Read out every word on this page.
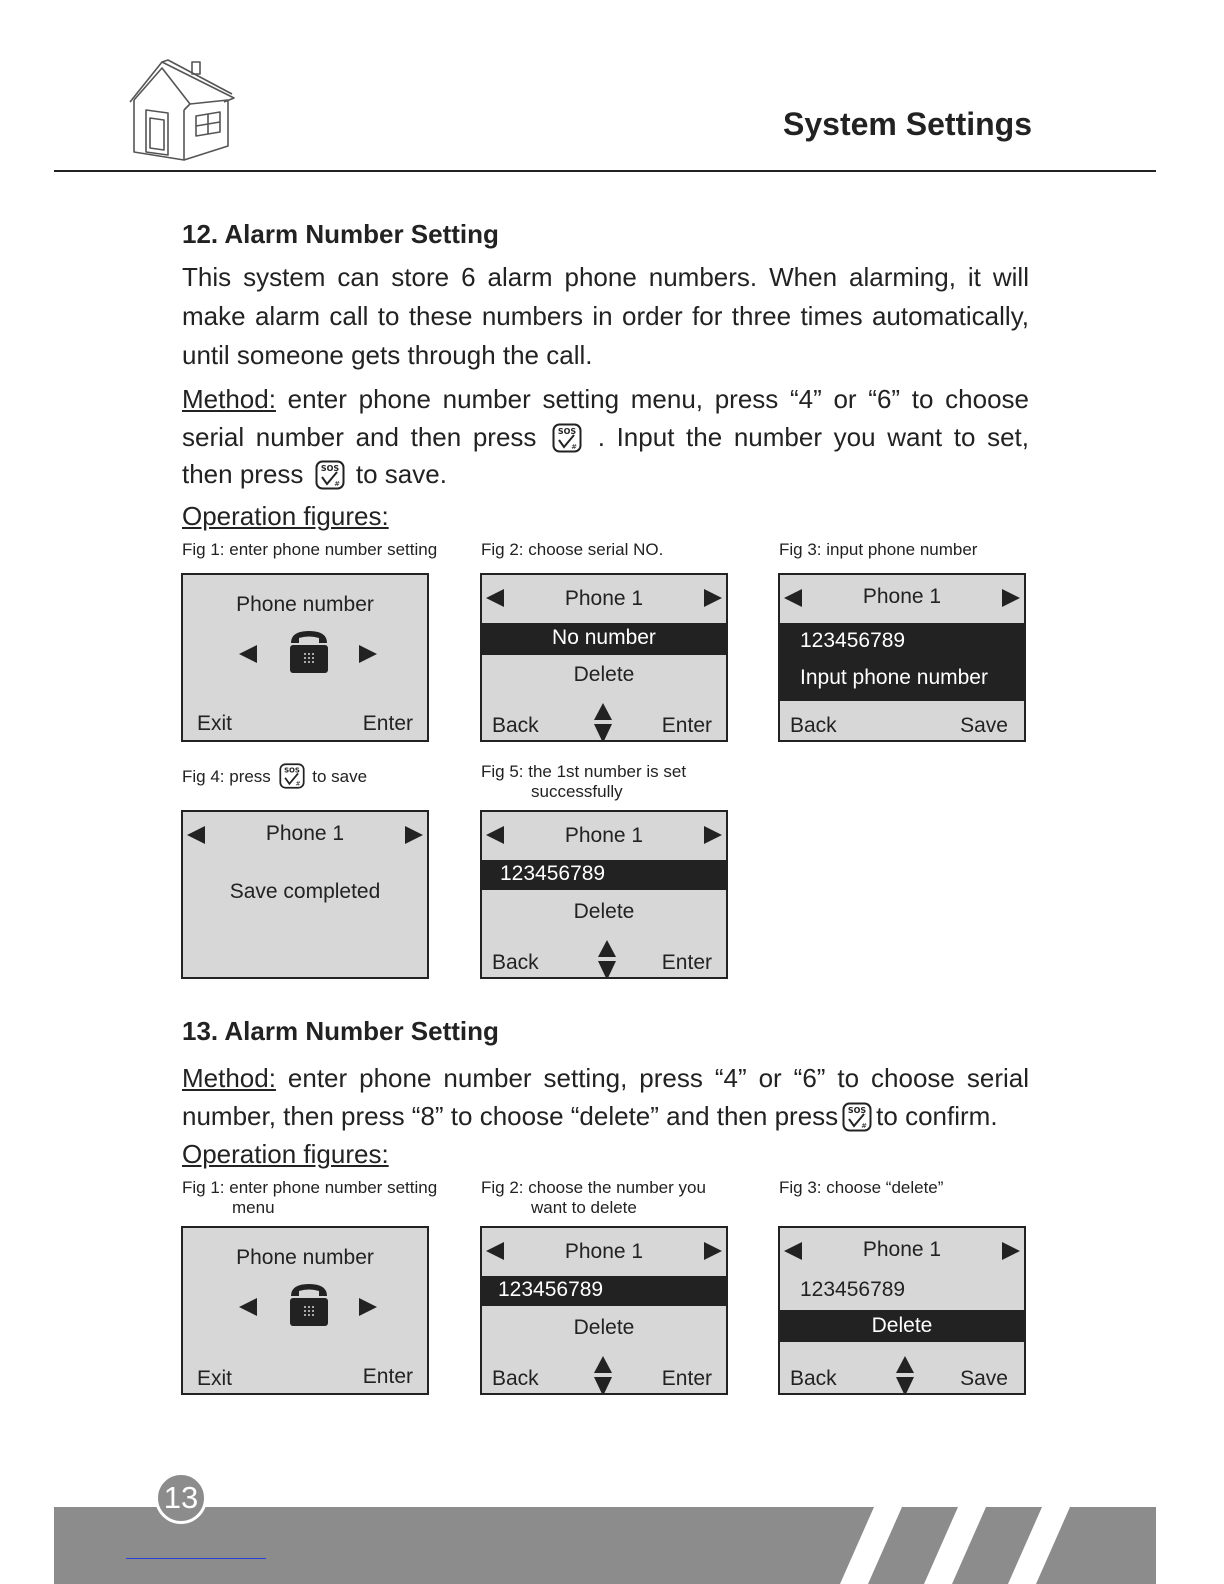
System Settings
12. Alarm Number Setting
This system can store 6 alarm phone numbers. When alarming, it will make alarm call to these numbers in order for three times automatically, until someone gets through the call.
Method: enter phone number setting menu, press “4” or “6” to choose serial number and then press  . Input the number you want to set, then press  to save.
Operation figures:
Fig 1: enter phone number setting	Fig 2: choose serial NO.	Fig 3: input phone number
Phone number
Exit	Enter
Phone 1
No number
Delete
Back	Enter
Phone 1
123456789
Input phone number
Back	Save
Fig 4: press  to save	Fig 5: the 1st number is set
successfully
Phone 1
Save completed
Phone 1
123456789
Delete
Back	Enter
13. Alarm Number Setting
Method: enter phone number setting, press “4” or “6” to choose serial number, then press “8” to choose “delete” and then press to confirm.
Operation figures:
Fig 1: enter phone number setting
menu
Fig 2: choose the number you
want to delete
Fig 3: choose “delete”
Phone number
Exit	Enter
Phone 1
123456789
Delete
Back	Enter
Phone 1
123456789
Delete
Back	Save
13
